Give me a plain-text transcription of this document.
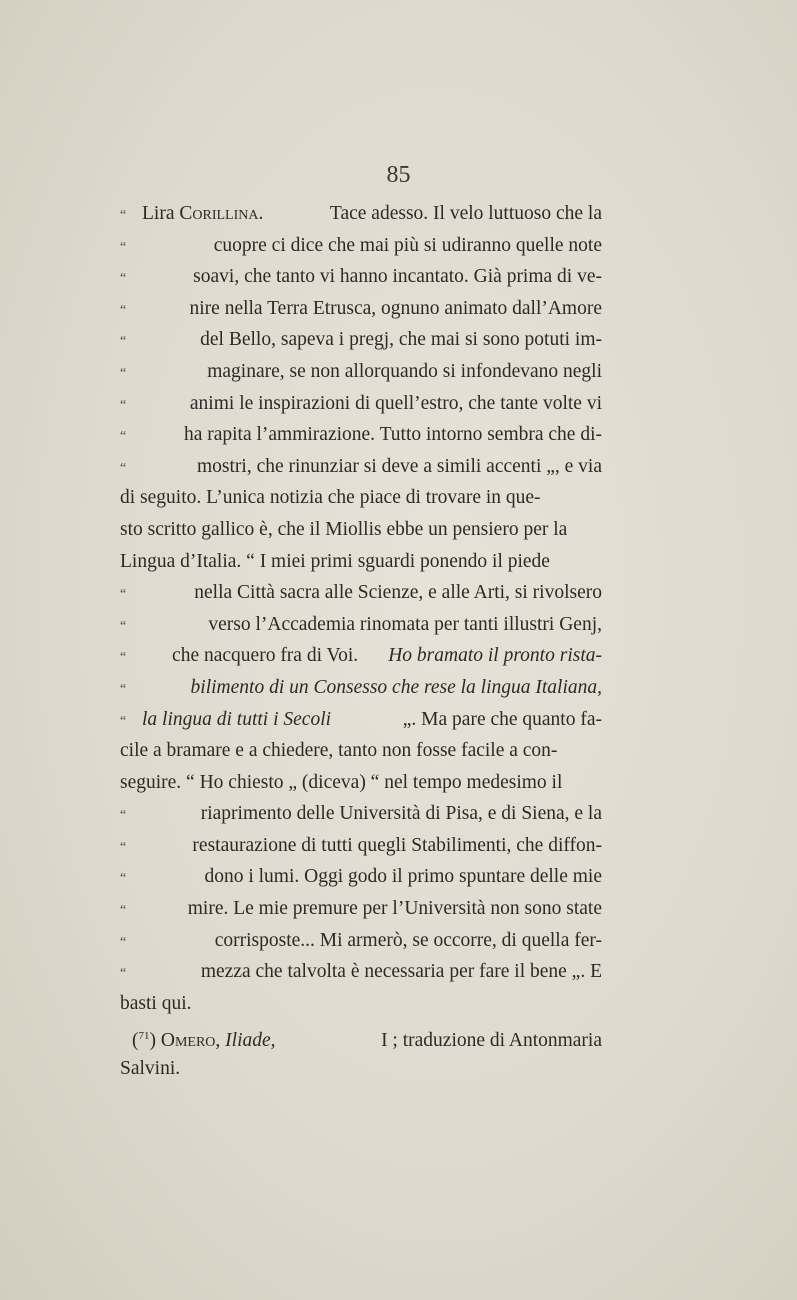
85
“ Lira Corillina.	Tace adesso. Il velo luttuoso che la
“	cuopre ci dice che mai più si udiranno quelle note
“	soavi, che tanto vi hanno incantato. Già prima di ve-
“	nire nella Terra Etrusca, ognuno animato dall’Amore
“	del Bello, sapeva i pregj, che mai si sono potuti im-
“	maginare, se non allorquando si infondevano negli
“	animi le inspirazioni di quell’estro, che tante volte vi
“	ha rapita l’ammirazione. Tutto intorno sembra che di-
“	mostri, che rinunziar si deve a simili accenti „, e via
di seguito. L’unica notizia che piace di trovare in que-
sto scritto gallico è, che il Miollis ebbe un pensiero per la
Lingua d’Italia. “ I miei primi sguardi ponendo il piede
“	nella Città sacra alle Scienze, e alle Arti, si rivolsero
“	verso l’Accademia rinomata per tanti illustri Genj,
“	che nacquero fra di Voi. Ho bramato il pronto rista-
“	bilimento di un Consesso che rese la lingua Italiana,
“ la lingua di tutti i Secoli	„. Ma pare che quanto fa-
cile a bramare e a chiedere, tanto non fosse facile a con-
seguire. “ Ho chiesto „ (diceva) “ nel tempo medesimo il
“	riaprimento delle Università di Pisa, e di Siena, e la
“	restaurazione di tutti quegli Stabilimenti, che diffon-
“	dono i lumi. Oggi godo il primo spuntare delle mie
“	mire. Le mie premure per l’Università non sono state
“	corrisposte... Mi armerò, se occorre, di quella fer-
“	mezza che talvolta è necessaria per fare il bene „. E
basti qui.
($^{71}$) Omero, Iliade,	I ; traduzione di Antonmaria
Salvini.
